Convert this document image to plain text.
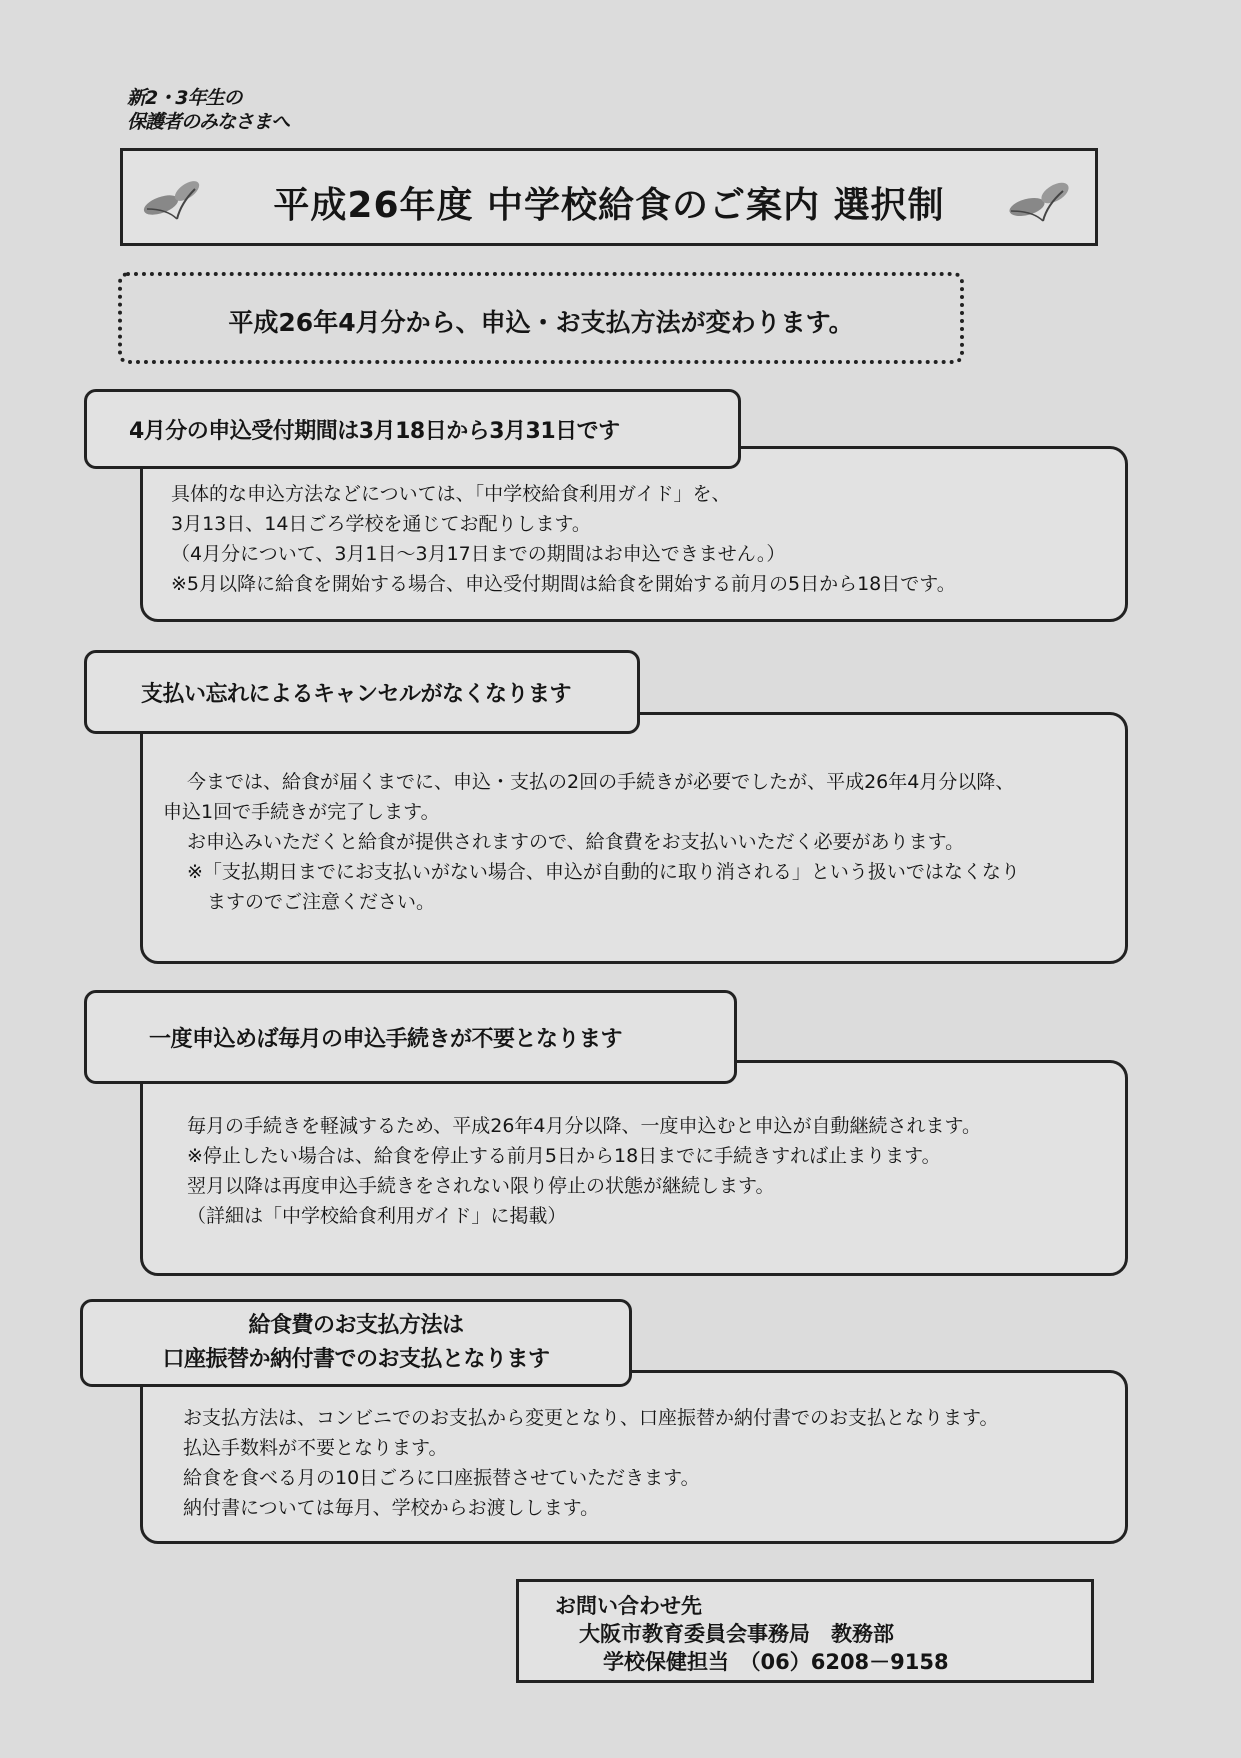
新2・3年生の
保護者のみなさまへ
平成26年度 中学校給食のご案内 選択制
平成26年4月分から、申込・お支払方法が変わります。

具体的な申込方法などについては、「中学校給食利用ガイド」を、

3月13日、14日ごろ学校を通じてお配りします。

（4月分について、3月1日～3月17日までの期間はお申込できません。）

※5月以降に給食を開始する場合、申込受付期間は給食を開始する前月の5日から18日です。

4月分の申込受付期間は3月18日から3月31日です

今までは、給食が届くまでに、申込・支払の2回の手続きが必要でしたが、平成26年4月分以降、

申込1回で手続きが完了します。

お申込みいただくと給食が提供されますので、給食費をお支払いいただく必要があります。

※「支払期日までにお支払いがない場合、申込が自動的に取り消される」という扱いではなくなり

ますのでご注意ください。

支払い忘れによるキャンセルがなくなります

毎月の手続きを軽減するため、平成26年4月分以降、一度申込むと申込が自動継続されます。

※停止したい場合は、給食を停止する前月5日から18日までに手続きすれば止まります。

翌月以降は再度申込手続きをされない限り停止の状態が継続します。

（詳細は「中学校給食利用ガイド」に掲載）

一度申込めば毎月の申込手続きが不要となります

お支払方法は、コンビニでのお支払から変更となり、口座振替か納付書でのお支払となります。

払込手数料が不要となります。

給食を食べる月の10日ごろに口座振替させていただきます。

納付書については毎月、学校からお渡しします。

給食費のお支払方法は
口座振替か納付書でのお支払となります

お問い合わせ先

大阪市教育委員会事務局　教務部

学校保健担当　（06）6208－9158
